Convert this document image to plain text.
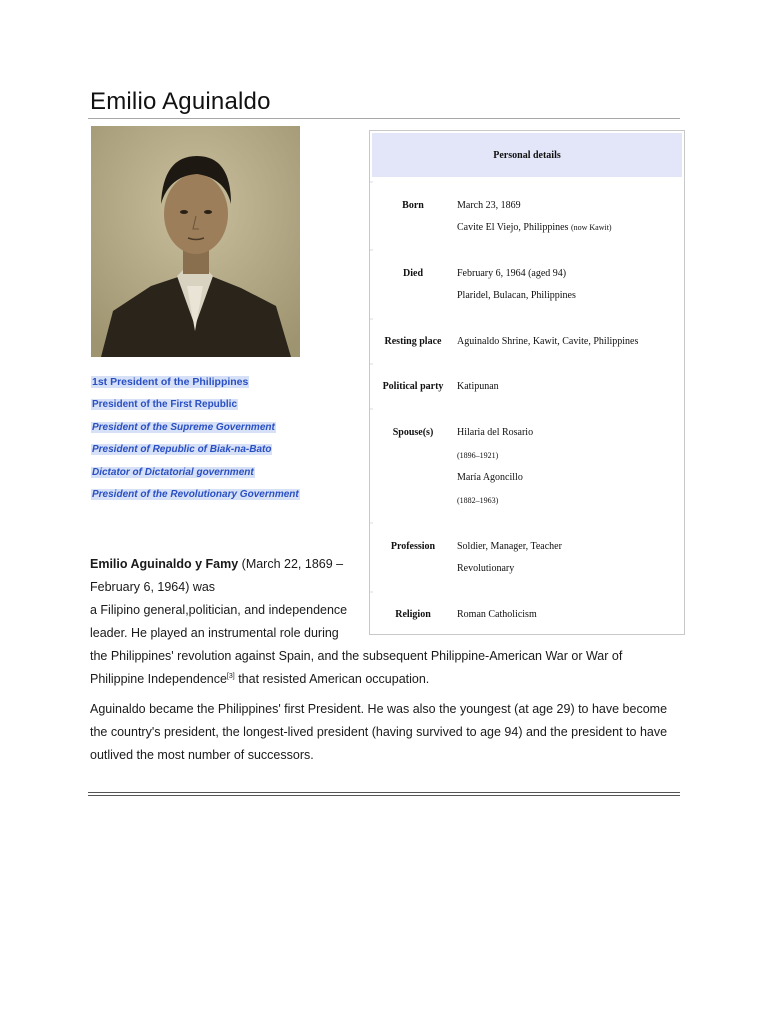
Emilio Aguinaldo
1st President of the Philippines
President of the First Republic
President of the Supreme Government
President of Republic of Biak-na-Bato
Dictator of Dictatorial government
President of the Revolutionary Government
Personal details
Born	March 23, 1869
Cavite El Viejo, Philippines (now Kawit)
Died	February 6, 1964 (aged 94)
Plaridel, Bulacan, Philippines
Resting place	Aguinaldo Shrine, Kawit, Cavite, Philippines
Political party	Katipunan
Spouse(s)	Hilaria del Rosario
(1896–1921)
María Agoncillo
(1882–1963)
Profession	Soldier, Manager, Teacher
Revolutionary
Religion	Roman Catholicism
Emilio Aguinaldo y Famy (March 22, 1869 –
February 6, 1964) was
a Filipino general,politician, and independence
leader. He played an instrumental role during
the Philippines' revolution against Spain, and the subsequent Philippine-American War or War of
Philippine Independence[3] that resisted American occupation.
Aguinaldo became the Philippines' first President. He was also the youngest (at age 29) to have become
the country's president, the longest-lived president (having survived to age 94) and the president to have
outlived the most number of successors.
